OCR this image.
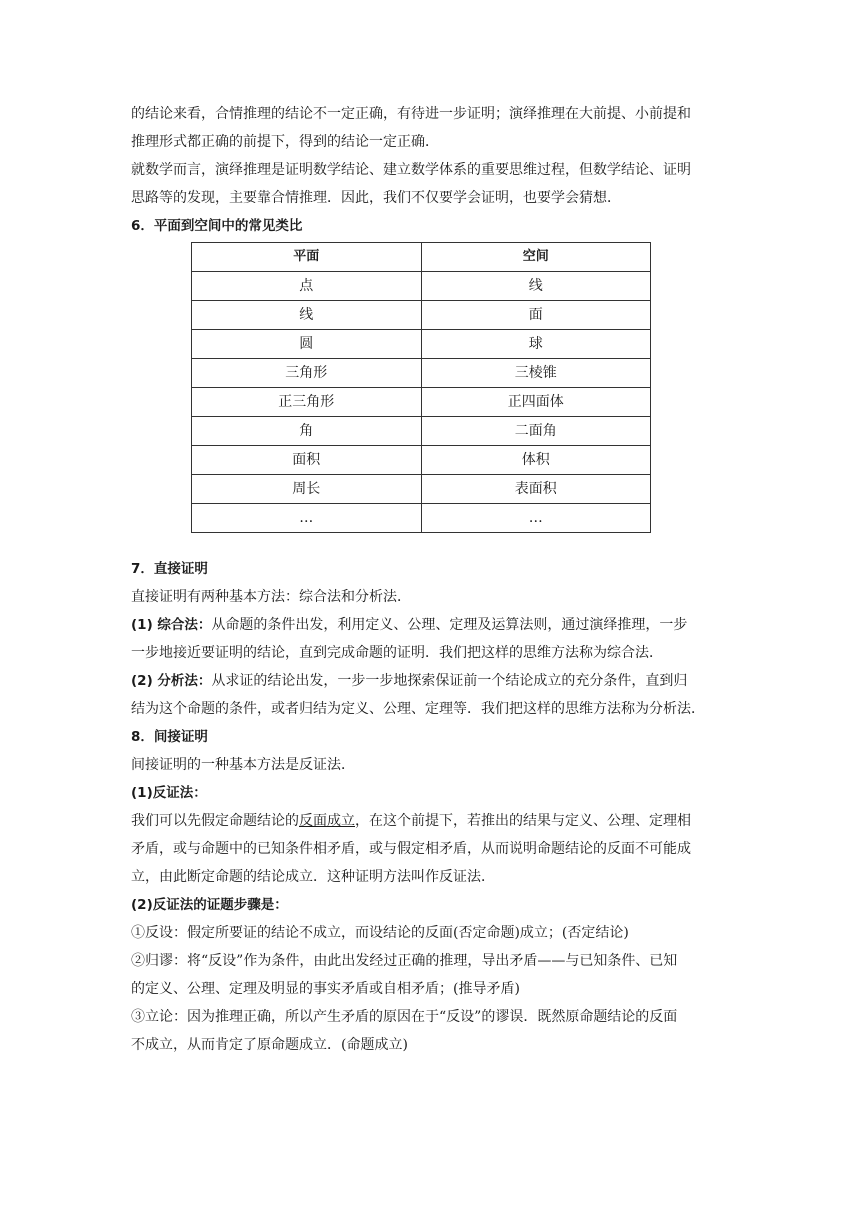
的结论来看，合情推理的结论不一定正确，有待进一步证明；演绎推理在大前提、小前提和
推理形式都正确的前提下，得到的结论一定正确．
就数学而言，演绎推理是证明数学结论、建立数学体系的重要思维过程，但数学结论、证明
思路等的发现，主要靠合情推理．因此，我们不仅要学会证明，也要学会猜想．
6．平面到空间中的常见类比
平面	空间
点	线
线	面
圆	球
三角形	三棱锥
正三角形	正四面体
角	二面角
面积	体积
周长	表面积
…	…
7．直接证明
直接证明有两种基本方法：综合法和分析法．
(1) 综合法：从命题的条件出发，利用定义、公理、定理及运算法则，通过演绎推理，一步
一步地接近要证明的结论，直到完成命题的证明．我们把这样的思维方法称为综合法．
(2) 分析法：从求证的结论出发，一步一步地探索保证前一个结论成立的充分条件，直到归
结为这个命题的条件，或者归结为定义、公理、定理等．我们把这样的思维方法称为分析法．
8．间接证明
间接证明的一种基本方法是反证法．
(1)反证法：
我们可以先假定命题结论的反面成立，在这个前提下，若推出的结果与定义、公理、定理相
矛盾，或与命题中的已知条件相矛盾，或与假定相矛盾，从而说明命题结论的反面不可能成
立，由此断定命题的结论成立．这种证明方法叫作反证法．
(2)反证法的证题步骤是：
①反设：假定所要证的结论不成立，而设结论的反面(否定命题)成立；(否定结论)
②归谬：将“反设”作为条件，由此出发经过正确的推理，导出矛盾——与已知条件、已知
的定义、公理、定理及明显的事实矛盾或自相矛盾；(推导矛盾)
③立论：因为推理正确，所以产生矛盾的原因在于“反设”的谬误．既然原命题结论的反面
不成立，从而肯定了原命题成立．(命题成立)
